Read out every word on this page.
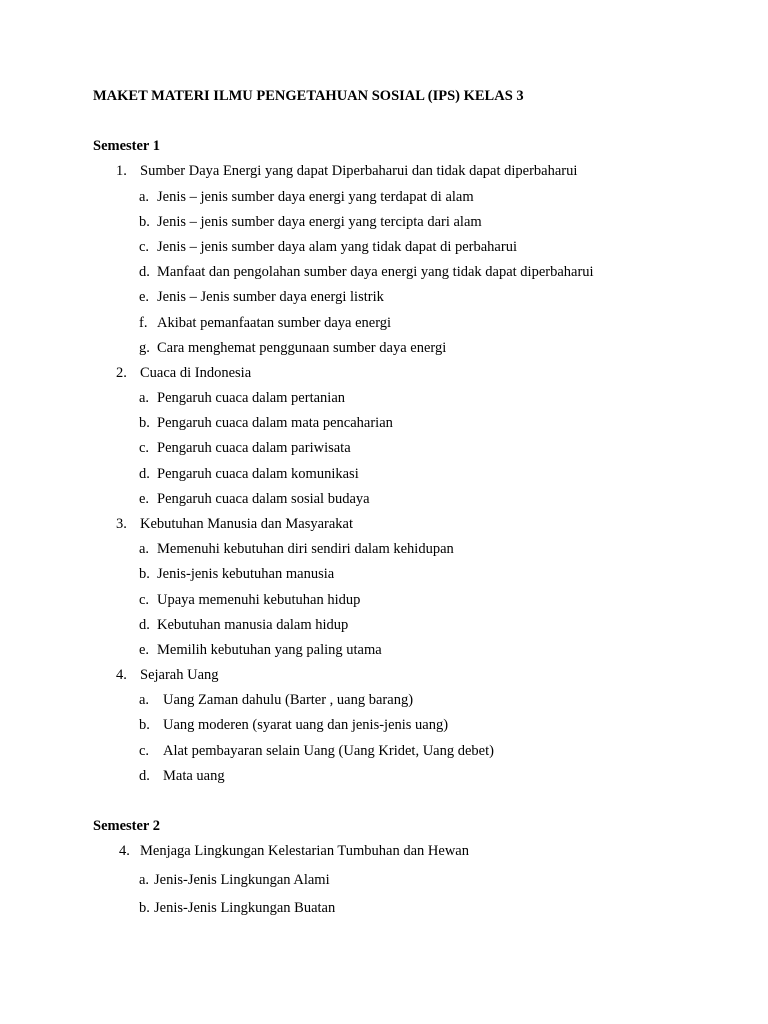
MAKET MATERI ILMU PENGETAHUAN SOSIAL (IPS) KELAS 3
Semester 1
1. Sumber Daya Energi yang dapat Diperbaharui dan tidak dapat diperbaharui
a. Jenis – jenis sumber daya energi yang terdapat di alam
b. Jenis – jenis sumber daya energi yang tercipta dari alam
c. Jenis – jenis sumber daya alam yang tidak dapat di perbaharui
d. Manfaat dan pengolahan sumber daya energi yang tidak dapat diperbaharui
e. Jenis – Jenis sumber daya energi listrik
f. Akibat pemanfaatan sumber daya energi
g. Cara menghemat penggunaan sumber daya energi
2. Cuaca di Indonesia
a. Pengaruh cuaca dalam pertanian
b. Pengaruh cuaca dalam mata pencaharian
c. Pengaruh cuaca dalam pariwisata
d. Pengaruh cuaca dalam komunikasi
e. Pengaruh cuaca dalam sosial budaya
3. Kebutuhan Manusia dan Masyarakat
a. Memenuhi kebutuhan diri sendiri dalam kehidupan
b. Jenis-jenis kebutuhan manusia
c. Upaya memenuhi kebutuhan hidup
d. Kebutuhan manusia dalam hidup
e. Memilih kebutuhan yang paling utama
4. Sejarah Uang
a. Uang Zaman dahulu (Barter , uang barang)
b. Uang moderen (syarat uang dan jenis-jenis uang)
c. Alat pembayaran selain Uang (Uang Kridet, Uang debet)
d. Mata uang
Semester 2
4. Menjaga Lingkungan Kelestarian Tumbuhan dan Hewan
a. Jenis-Jenis Lingkungan Alami
b. Jenis-Jenis Lingkungan Buatan
